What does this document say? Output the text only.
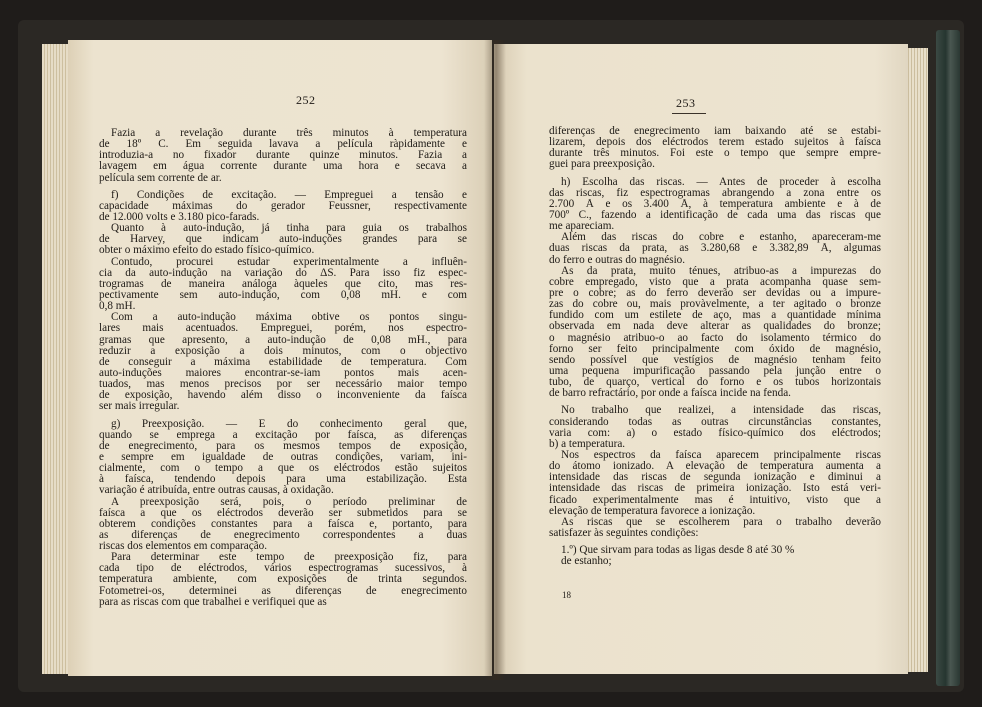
252
Fazia a revelação durante três minutos à temperatura
de 18º C. Em seguida lavava a película ràpidamente e
introduzia-a no fixador durante quinze minutos. Fazia a
lavagem em água corrente durante uma hora e secava a
película sem corrente de ar.
f) Condições de excitação. — Empreguei a tensão e
capacidade máximas do gerador Feussner, respectivamente
de 12.000 volts e 3.180 pico-farads.
Quanto à auto-indução, já tinha para guia os trabalhos
de Harvey, que indicam auto-induções grandes para se
obter o máximo efeito do estado físico-químico.
Contudo, procurei estudar experimentalmente a influên-
cia da auto-indução na variação do ΔS. Para isso fiz espec-
trogramas de maneira análoga àqueles que cito, mas res-
pectivamente sem auto-indução, com 0,08 mH. e com
0,8 mH.
Com a auto-indução máxima obtive os pontos singu-
lares mais acentuados. Empreguei, porém, nos espectro-
gramas que apresento, a auto-indução de 0,08 mH., para
reduzir a exposição a dois minutos, com o objectivo
de conseguir a máxima estabilidade de temperatura. Com
auto-induções maiores encontrar-se-iam pontos mais acen-
tuados, mas menos precisos por ser necessário maior tempo
de exposição, havendo além disso o inconveniente da faísca
ser mais irregular.
g) Preexposição. — É do conhecimento geral que,
quando se emprega a excitação por faísca, as diferenças
de enegrecimento, para os mesmos tempos de exposição,
e sempre em igualdade de outras condições, variam, ini-
cialmente, com o tempo a que os eléctrodos estão sujeitos
à faísca, tendendo depois para uma estabilização. Esta
variação é atribuída, entre outras causas, à oxidação.
A preexposição será, pois, o período preliminar de
faísca a que os eléctrodos deverão ser submetidos para se
obterem condições constantes para a faísca e, portanto, para
as diferenças de enegrecimento correspondentes a duas
riscas dos elementos em comparação.
Para determinar este tempo de preexposição fiz, para
cada tipo de eléctrodos, vários espectrogramas sucessivos, à
temperatura ambiente, com exposições de trinta segundos.
Fotometrei-os, determinei as diferenças de enegrecimento
para as riscas com que trabalhei e verifiquei que as
253
diferenças de enegrecimento iam baixando até se estabi-
lizarem, depois dos eléctrodos terem estado sujeitos à faísca
durante três minutos. Foi este o tempo que sempre empre-
guei para preexposição.
h) Escolha das riscas. — Antes de proceder à escolha
das riscas, fiz espectrogramas abrangendo a zona entre os
2.700 Å e os 3.400 Å, à temperatura ambiente e à de
700º C., fazendo a identificação de cada uma das riscas que
me apareciam.
Além das riscas do cobre e estanho, apareceram-me
duas riscas da prata, as 3.280,68 e 3.382,89 Å, algumas
do ferro e outras do magnésio.
As da prata, muito ténues, atribuo-as a impurezas do
cobre empregado, visto que a prata acompanha quase sem-
pre o cobre; as do ferro deverão ser devidas ou a impure-
zas do cobre ou, mais provàvelmente, a ter agitado o bronze
fundido com um estilete de aço, mas a quantidade mínima
observada em nada deve alterar as qualidades do bronze;
o magnésio atribuo-o ao facto do isolamento térmico do
forno ser feito principalmente com óxido de magnésio,
sendo possível que vestígios de magnésio tenham feito
uma pequena impurificação passando pela junção entre o
tubo, de quarço, vertical do forno e os tubos horizontais
de barro refractário, por onde a faísca incide na fenda.
No trabalho que realizei, a intensidade das riscas,
considerando todas as outras circunstâncias constantes,
varia com: a) o estado físico-químico dos eléctrodos;
b) a temperatura.
Nos espectros da faísca aparecem principalmente riscas
do átomo ionizado. A elevação de temperatura aumenta a
intensidade das riscas de segunda ionização e diminui a
intensidade das riscas de primeira ionização. Isto está veri-
ficado experimentalmente mas é intuitivo, visto que a
elevação de temperatura favorece a ionização.
As riscas que se escolherem para o trabalho deverão
satisfazer às seguintes condições:
1.º) Que sirvam para todas as ligas desde 8 até 30 %
de estanho;
18
